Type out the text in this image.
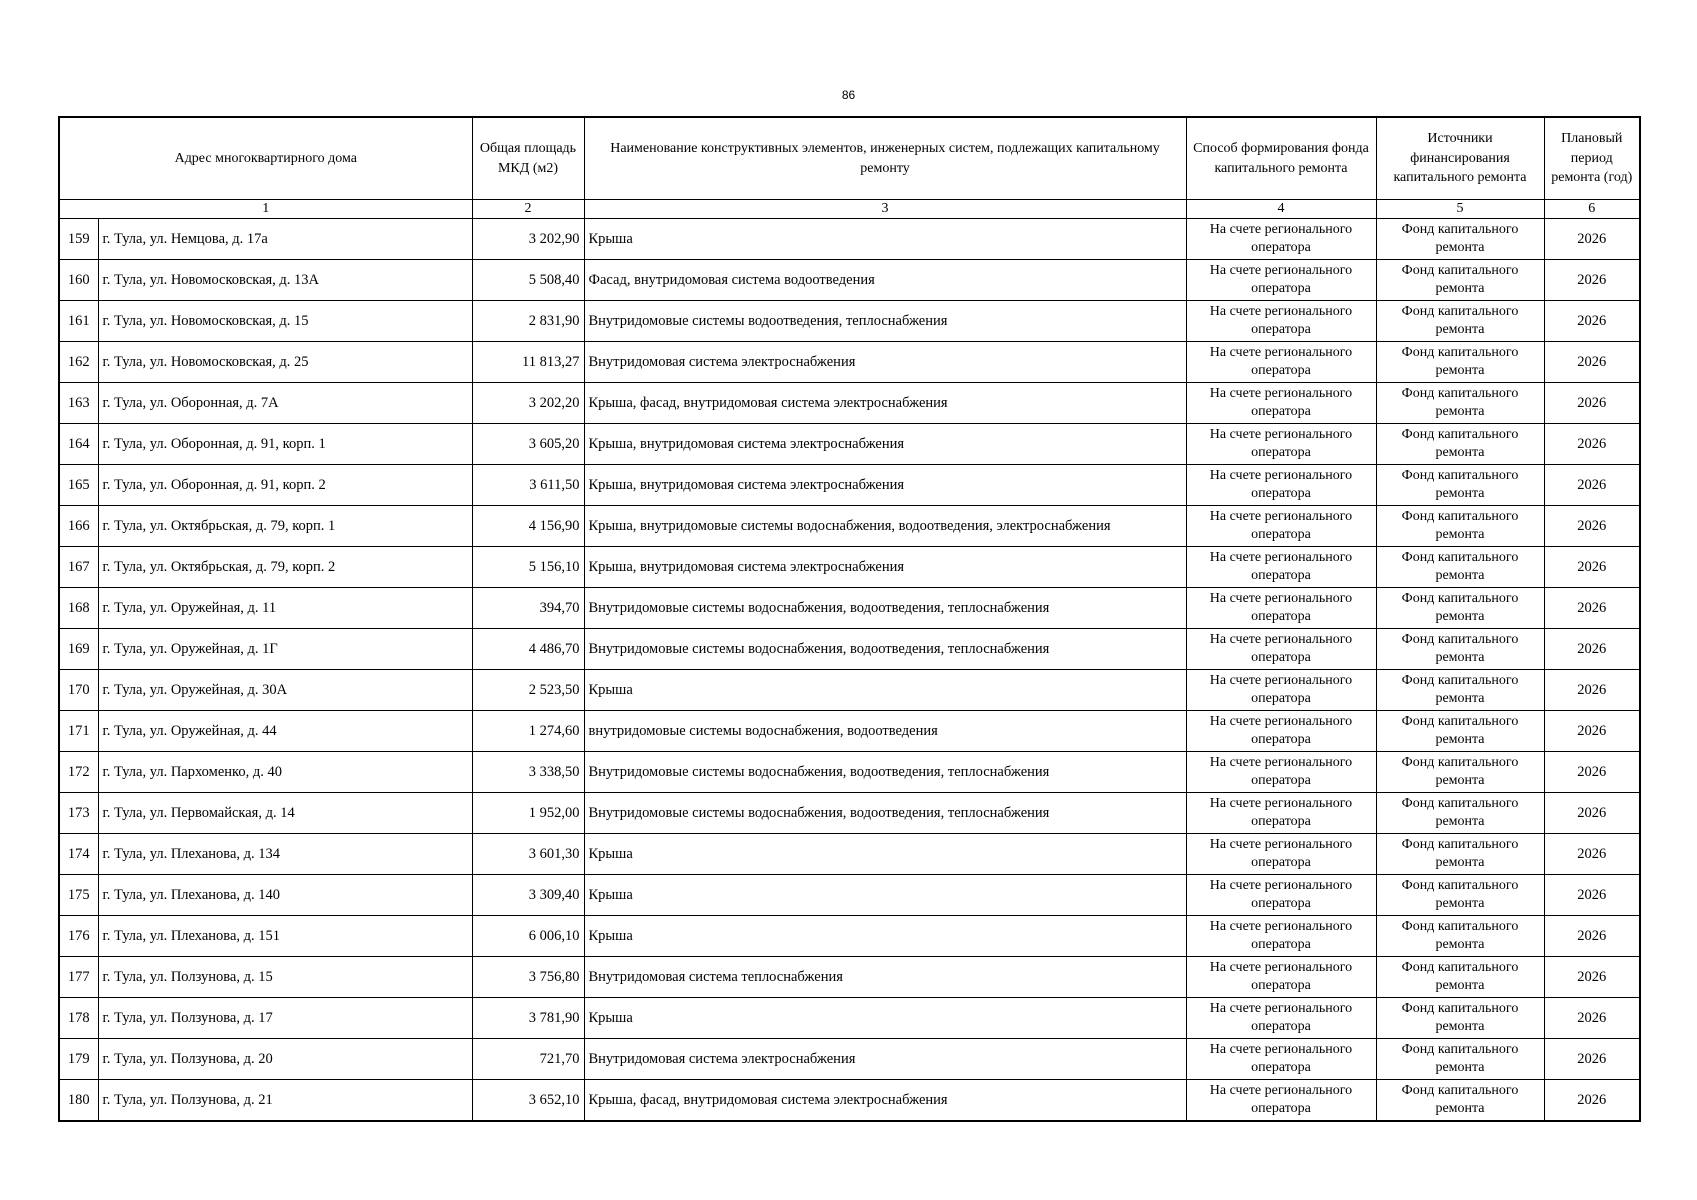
86
Адрес многоквартирного дома		Общая площадь МКД (м2)	Наименование конструктивных элементов, инженерных систем, подлежащих капитальному ремонту	Способ формирования фонда капитального ремонта	Источники финансирования капитального ремонта	Плановый период ремонта (год)
1		2	3	4	5	6
159	г. Тула, ул. Немцова, д. 17а	3 202,90	Крыша	На счете регионального оператора	Фонд капитального ремонта	2026
160	г. Тула, ул. Новомосковская, д. 13А	5 508,40	Фасад, внутридомовая система водоотведения	На счете регионального оператора	Фонд капитального ремонта	2026
161	г. Тула, ул. Новомосковская, д. 15	2 831,90	Внутридомовые системы водоотведения, теплоснабжения	На счете регионального оператора	Фонд капитального ремонта	2026
162	г. Тула, ул. Новомосковская, д. 25	11 813,27	Внутридомовая система электроснабжения	На счете регионального оператора	Фонд капитального ремонта	2026
163	г. Тула, ул. Оборонная, д. 7А	3 202,20	Крыша, фасад, внутридомовая система электроснабжения	На счете регионального оператора	Фонд капитального ремонта	2026
164	г. Тула, ул. Оборонная, д. 91, корп. 1	3 605,20	Крыша, внутридомовая система электроснабжения	На счете регионального оператора	Фонд капитального ремонта	2026
165	г. Тула, ул. Оборонная, д. 91, корп. 2	3 611,50	Крыша, внутридомовая система электроснабжения	На счете регионального оператора	Фонд капитального ремонта	2026
166	г. Тула, ул. Октябрьская, д. 79, корп. 1	4 156,90	Крыша, внутридомовые системы водоснабжения, водоотведения, электроснабжения	На счете регионального оператора	Фонд капитального ремонта	2026
167	г. Тула, ул. Октябрьская, д. 79, корп. 2	5 156,10	Крыша, внутридомовая система электроснабжения	На счете регионального оператора	Фонд капитального ремонта	2026
168	г. Тула, ул. Оружейная, д. 11	394,70	Внутридомовые системы водоснабжения, водоотведения, теплоснабжения	На счете регионального оператора	Фонд капитального ремонта	2026
169	г. Тула, ул. Оружейная, д. 1Г	4 486,70	Внутридомовые системы водоснабжения, водоотведения, теплоснабжения	На счете регионального оператора	Фонд капитального ремонта	2026
170	г. Тула, ул. Оружейная, д. 30А	2 523,50	Крыша	На счете регионального оператора	Фонд капитального ремонта	2026
171	г. Тула, ул. Оружейная, д. 44	1 274,60	внутридомовые системы водоснабжения, водоотведения	На счете регионального оператора	Фонд капитального ремонта	2026
172	г. Тула, ул. Пархоменко, д. 40	3 338,50	Внутридомовые системы водоснабжения, водоотведения, теплоснабжения	На счете регионального оператора	Фонд капитального ремонта	2026
173	г. Тула, ул. Первомайская, д. 14	1 952,00	Внутридомовые системы водоснабжения, водоотведения, теплоснабжения	На счете регионального оператора	Фонд капитального ремонта	2026
174	г. Тула, ул. Плеханова, д. 134	3 601,30	Крыша	На счете регионального оператора	Фонд капитального ремонта	2026
175	г. Тула, ул. Плеханова, д. 140	3 309,40	Крыша	На счете регионального оператора	Фонд капитального ремонта	2026
176	г. Тула, ул. Плеханова, д. 151	6 006,10	Крыша	На счете регионального оператора	Фонд капитального ремонта	2026
177	г. Тула, ул. Ползунова, д. 15	3 756,80	Внутридомовая система теплоснабжения	На счете регионального оператора	Фонд капитального ремонта	2026
178	г. Тула, ул. Ползунова, д. 17	3 781,90	Крыша	На счете регионального оператора	Фонд капитального ремонта	2026
179	г. Тула, ул. Ползунова, д. 20	721,70	Внутридомовая система электроснабжения	На счете регионального оператора	Фонд капитального ремонта	2026
180	г. Тула, ул. Ползунова, д. 21	3 652,10	Крыша, фасад, внутридомовая система электроснабжения	На счете регионального оператора	Фонд капитального ремонта	2026
